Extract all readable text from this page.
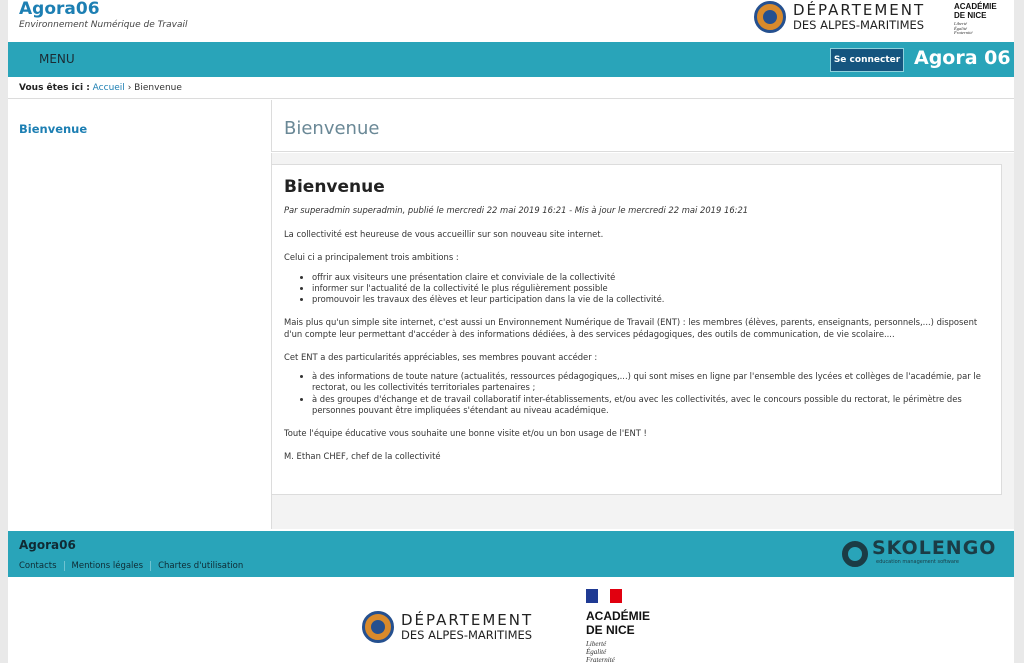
Agora06
Environnement Numérique de Travail
DÉPARTEMENT
DES ALPES-MARITIMES
ACADÉMIE
DE NICE
Liberté
Égalité
Fraternité
MENU	Se connecter Agora 06
Vous êtes ici : Accueil › Bienvenue
Bienvenue	Bienvenue
Bienvenue
Par superadmin superadmin, publié le mercredi 22 mai 2019 16:21 - Mis à jour le mercredi 22 mai 2019 16:21

La collectivité est heureuse de vous accueillir sur son nouveau site internet.

Celui ci a principalement trois ambitions :

• offrir aux visiteurs une présentation claire et conviviale de la collectivité
• informer sur l'actualité de la collectivité le plus régulièrement possible
• promouvoir les travaux des élèves et leur participation dans la vie de la collectivité.

Mais plus qu'un simple site internet, c'est aussi un Environnement Numérique de Travail (ENT) : les membres (élèves, parents, enseignants, personnels,...) disposent d'un compte leur permettant d'accéder à des informations dédiées, à des services pédagogiques, des outils de communication, de vie scolaire....

Cet ENT a des particularités appréciables, ses membres pouvant accéder :

• à des informations de toute nature (actualités, ressources pédagogiques,...) qui sont mises en ligne par l'ensemble des lycées et collèges de l'académie, par le rectorat, ou les collectivités territoriales partenaires ;
• à des groupes d'échange et de travail collaboratif inter-établissements, et/ou avec les collectivités, avec le concours possible du rectorat, le périmètre des personnes pouvant être impliquées s'étendant au niveau académique.

Toute l'équipe éducative vous souhaite une bonne visite et/ou un bon usage de l'ENT !

M. Ethan CHEF, chef de la collectivité

Agora06
Contacts	Mentions légales	Chartes d'utilisation
SKOLENGO
education management software
DÉPARTEMENT
DES ALPES-MARITIMES
ACADÉMIE
DE NICE
Liberté
Égalité
Fraternité
